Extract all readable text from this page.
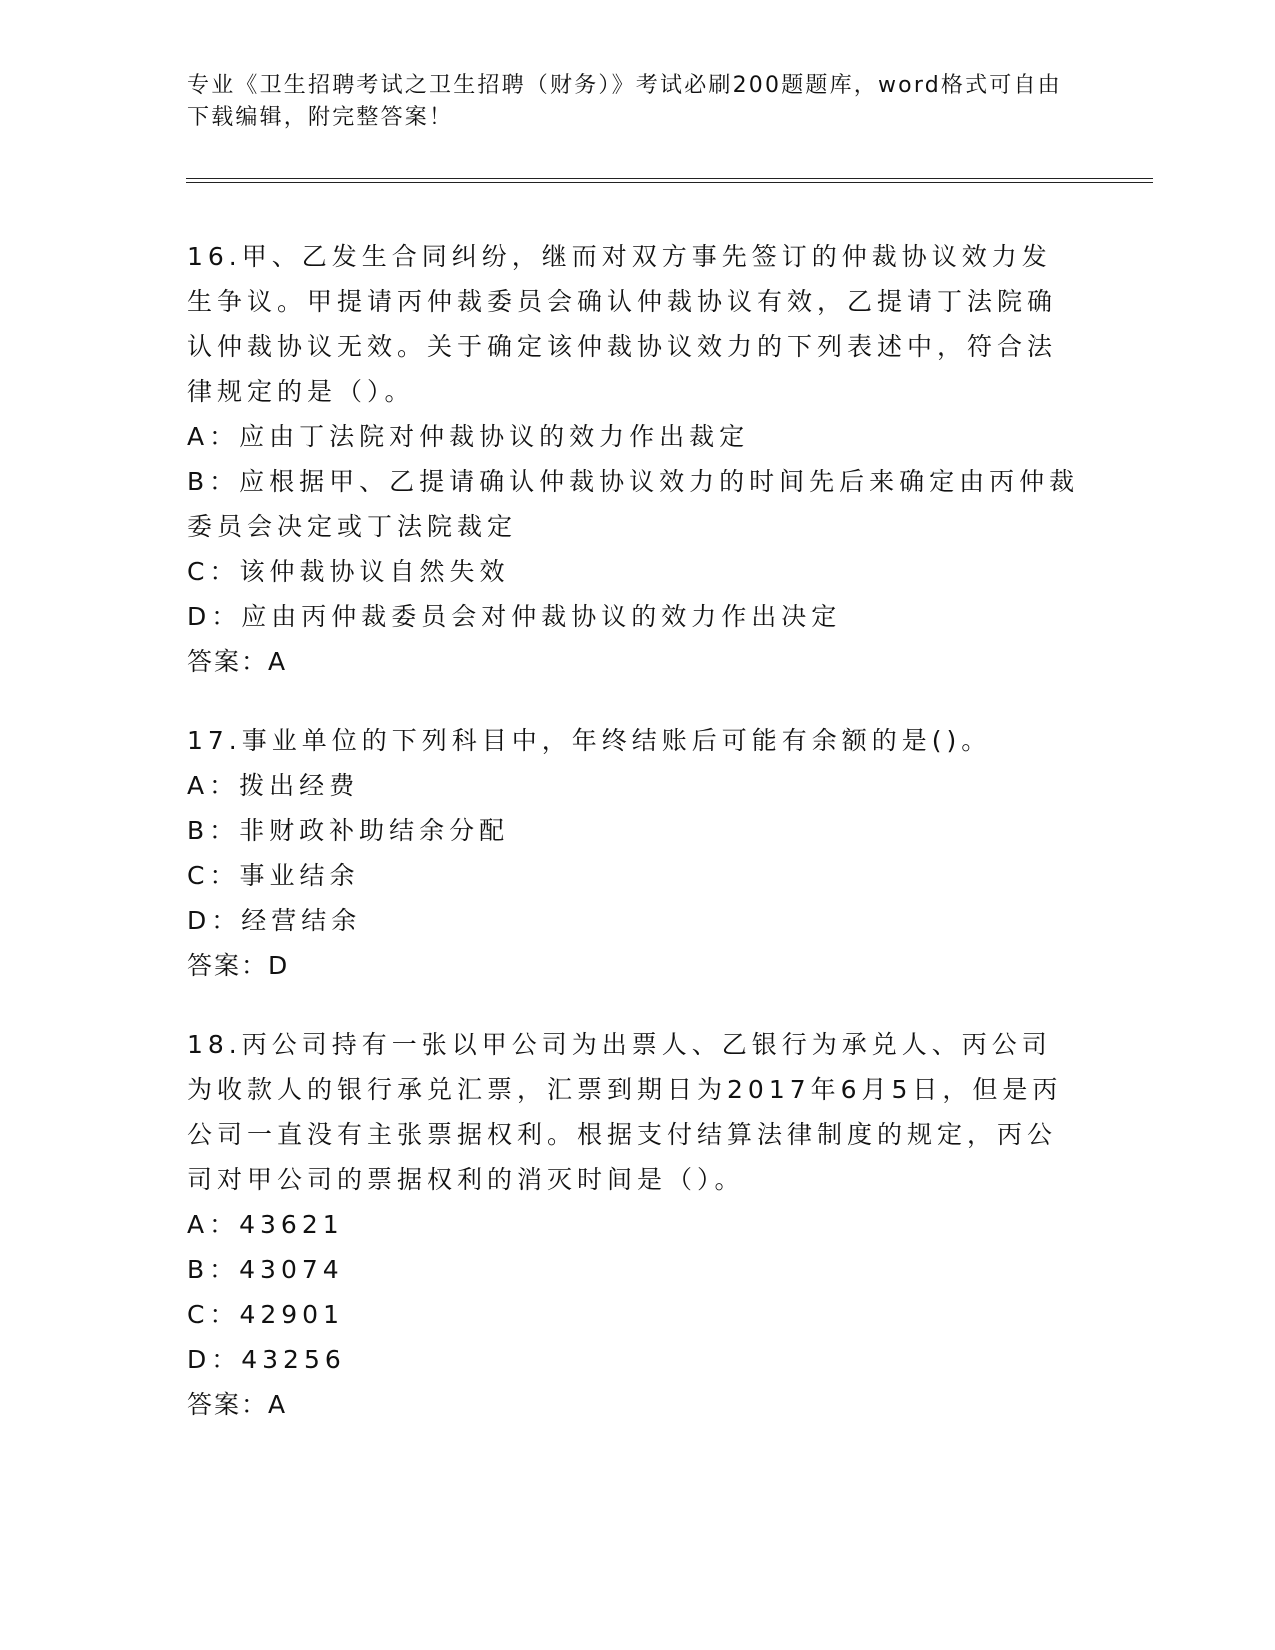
专业《卫生招聘考试之卫生招聘（财务）》考试必刷200题题库，word格式可自由下载编辑，附完整答案！
16.甲、乙发生合同纠纷，继而对双方事先签订的仲裁协议效力发生争议。甲提请丙仲裁委员会确认仲裁协议有效，乙提请丁法院确认仲裁协议无效。关于确定该仲裁协议效力的下列表述中，符合法律规定的是（）。
A：应由丁法院对仲裁协议的效力作出裁定
B：应根据甲、乙提请确认仲裁协议效力的时间先后来确定由丙仲裁委员会决定或丁法院裁定
C：该仲裁协议自然失效
D：应由丙仲裁委员会对仲裁协议的效力作出决定
答案：A
17.事业单位的下列科目中，年终结账后可能有余额的是()。
A：拨出经费
B：非财政补助结余分配
C：事业结余
D：经营结余
答案：D
18.丙公司持有一张以甲公司为出票人、乙银行为承兑人、丙公司为收款人的银行承兑汇票，汇票到期日为2017年6月5日，但是丙公司一直没有主张票据权利。根据支付结算法律制度的规定，丙公司对甲公司的票据权利的消灭时间是（）。
A：43621
B：43074
C：42901
D：43256
答案：A
